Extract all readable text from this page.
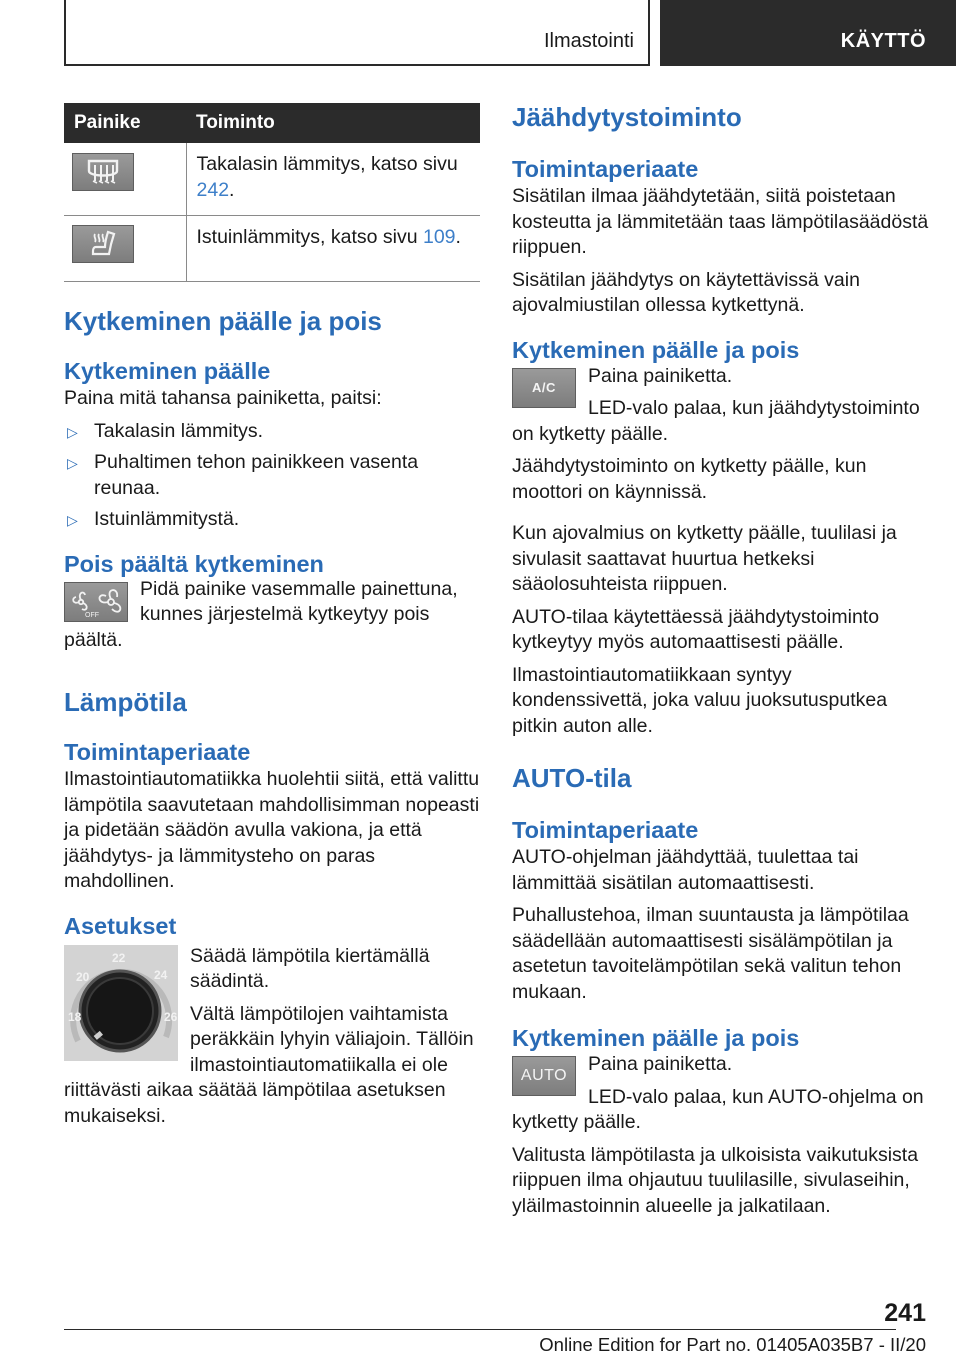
Ilmastointi	KÄYTTÖ
Painike	Toiminto

	Takalasin lämmitys, katso sivu 242.

	Istuinlämmitys, katso sivu 109.
Kytkeminen päälle ja pois
Kytkeminen päälle

Paina mitä tahansa painiketta, paitsi:

▷ Takalasin lämmitys.
▷ Puhaltimen tehon painikkeen vasenta reunaa.
▷ Istuinlämmitystä.
Pois päältä kytkeminen
OFF

Pidä painike vasemmalle painettuna, kunnes järjestelmä kytkeytyy pois päältä.

Lämpötila
Toimintaperiaate

Ilmastointiautomatiikka huolehtii siitä, että valittu lämpötila saavutetaan mahdollisimman nopeasti ja pidetään säädön avulla vakiona, ja että jäähdytys- ja lämmitysteho on paras mahdollinen.

Asetukset
18
20
22
24
26

Säädä lämpötila kiertämällä säädintä.

Vältä lämpötilojen vaihtamista peräkkäin lyhyin väliajoin. Tällöin ilmastointiautomatiikalla ei ole riittävästi aikaa säätää lämpötilaa asetuksen mukaiseksi.

Jäähdytystoiminto
Toimintaperiaate

Sisätilan ilmaa jäähdytetään, siitä poistetaan kosteutta ja lämmitetään taas lämpötilasäädöstä riippuen.

Sisätilan jäähdytys on käytettävissä vain ajovalmiustilan ollessa kytkettynä.

Kytkeminen päälle ja pois
A/C

Paina painiketta.

LED-valo palaa, kun jäähdytystoiminto on kytketty päälle.

Jäähdytystoiminto on kytketty päälle, kun moottori on käynnissä.

Kun ajovalmius on kytketty päälle, tuulilasi ja sivulasit saattavat huurtua hetkeksi sääolosuhteista riippuen.

AUTO-tilaa käytettäessä jäähdytystoiminto kytkeytyy myös automaattisesti päälle.

Ilmastointiautomatiikkaan syntyy kondenssivettä, joka valuu juoksutusputkea pitkin auton alle.

AUTO-tila
Toimintaperiaate

AUTO-ohjelman jäähdyttää, tuulettaa tai lämmittää sisätilan automaattisesti.

Puhallustehoa, ilman suuntausta ja lämpötilaa säädellään automaattisesti sisälämpötilan ja asetetun tavoitelämpötilan sekä valitun tehon mukaan.

Kytkeminen päälle ja pois
AUTO

Paina painiketta.

LED-valo palaa, kun AUTO-ohjelma on kytketty päälle.

Valitusta lämpötilasta ja ulkoisista vaikutuksista riippuen ilma ohjautuu tuulilasille, sivulaseihin, yläilmastoinnin alueelle ja jalkatilaan.

241
Online Edition for Part no. 01405A035B7 - II/20
